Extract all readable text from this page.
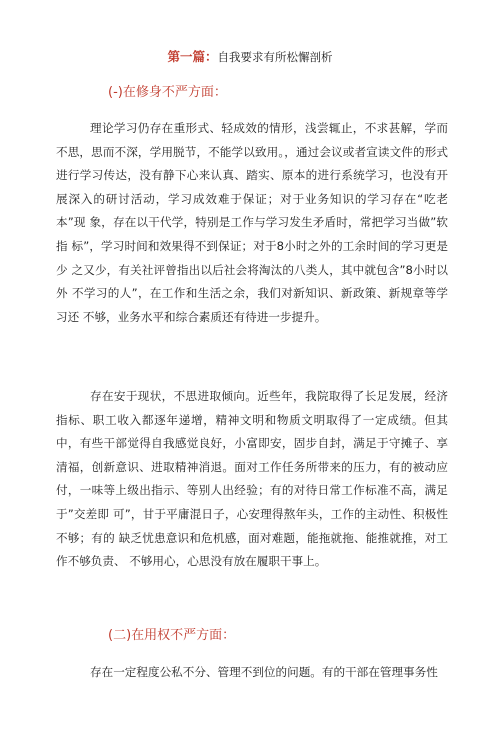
第一篇：自我要求有所松懈剖析
(-)在修身不严方面：

理论学习仍存在重形式、轻成效的情形，浅尝辄止，不求甚解，学而不思，思而不深，学用脱节，不能学以致用。，通过会议或者宣读文件的形式进行学习传达，没有静下心来认真、踏实、原本的进行系统学习，也没有开展深入的研讨活动，学习成效难于保证；对于业务知识的学习存在“吃老本”现 象，存在以干代学，特别是工作与学习发生矛盾时，常把学习当做”软指 标”，学习时间和效果得不到保证；对于8小时之外的工余时间的学习更是少 之又少，有关社评曾指出以后社会将淘汰的八类人，其中就包含”8小时以外 不学习的人”，在工作和生活之余，我们对新知识、新政策、新规章等学习还 不够，业务水平和综合素质还有待进一步提升。

存在安于现状，不思进取倾向。近些年，我院取得了长足发展，经济指标、职工收入都逐年递增，精神文明和物质文明取得了一定成绩。但其中，有些干部觉得自我感觉良好，小富即安，固步自封，满足于守摊子、享清福，创新意识、进取精神消退。面对工作任务所带来的压力，有的被动应付，一味等上级出指示、等别人出经验；有的对待日常工作标准不高，满足于”交差即 可”，甘于平庸混日子，心安理得熬年头，工作的主动性、积极性不够；有的 缺乏忧患意识和危机感，面对难题，能拖就拖、能推就推，对工作不够负责、 不够用心，心思没有放在履职干事上。

(二)在用权不严方面：

存在一定程度公私不分、管理不到位的问题。有的干部在管理事务性
